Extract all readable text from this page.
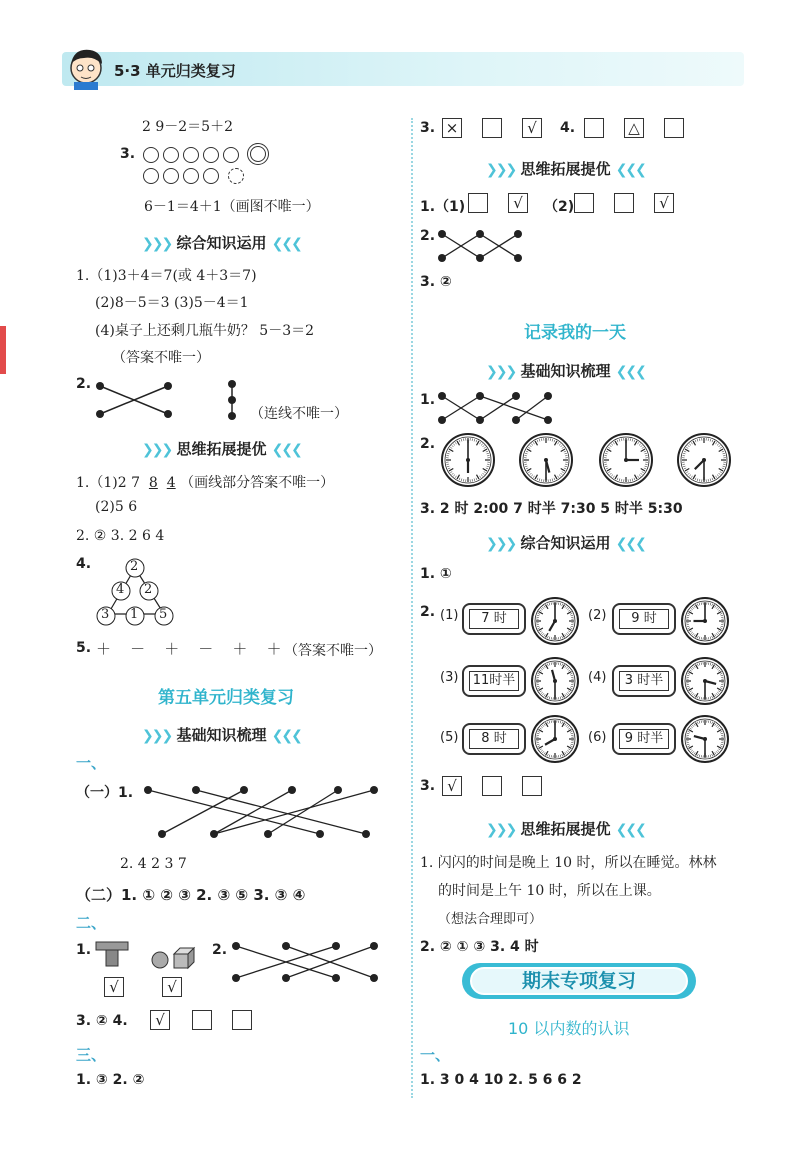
5·3 单元归类复习
2 9－2＝5＋2
3.
6－1＝4＋1（画图不唯一）
❯❯❯ 综合知识运用 ❮❮❮
1.（1)3＋4＝7(或 4＋3＝7)
(2)8－5＝3 (3)5－4＝1
(4)桌子上还剩几瓶牛奶？ 5－3＝2
（答案不唯一）
2.
（连线不唯一）
❯❯❯ 思维拓展提优 ❮❮❮
1.（1)2 7 8 4 （画线部分答案不唯一）
(2)5 6
2. ② 3. 2 6 4
4.	2
4 2
3 1 5
5. ＋ － ＋ － ＋ ＋ （答案不唯一）
第五单元归类复习
❯❯❯ 基础知识梳理 ❮❮❮
一、
（一）1.
2. 4 2 3 7
（二）1. ① ② ③ 2. ③ ⑤ 3. ③ ④
二、
1.
√	√
2.
3. ② 4.	√
三、
1. ③ 2. ②
3. ×	√	4.	△
❯❯❯ 思维拓展提优 ❮❮❮
1.（1)	√	（2)	√
2.
3. ②
记录我的一天
❯❯❯ 基础知识梳理 ❮❮❮
1.
2.
3. 2 时 2:00 7 时半 7:30 5 时半 5:30
❯❯❯ 综合知识运用 ❮❮❮
1. ①
2. (1)	7 时	(2)	9 时
(3) 11时半	(4)	3 时半
(5)	8 时	(6)	9 时半
3. √
❯❯❯ 思维拓展提优 ❮❮❮
1. 闪闪的时间是晚上 10 时，所以在睡觉。林林
的时间是上午 10 时，所以在上课。
（想法合理即可）
2. ② ① ③ 3. 4 时
期末专项复习
10 以内数的认识
一、
1. 3 0 4 10 2. 5 6 6 2
